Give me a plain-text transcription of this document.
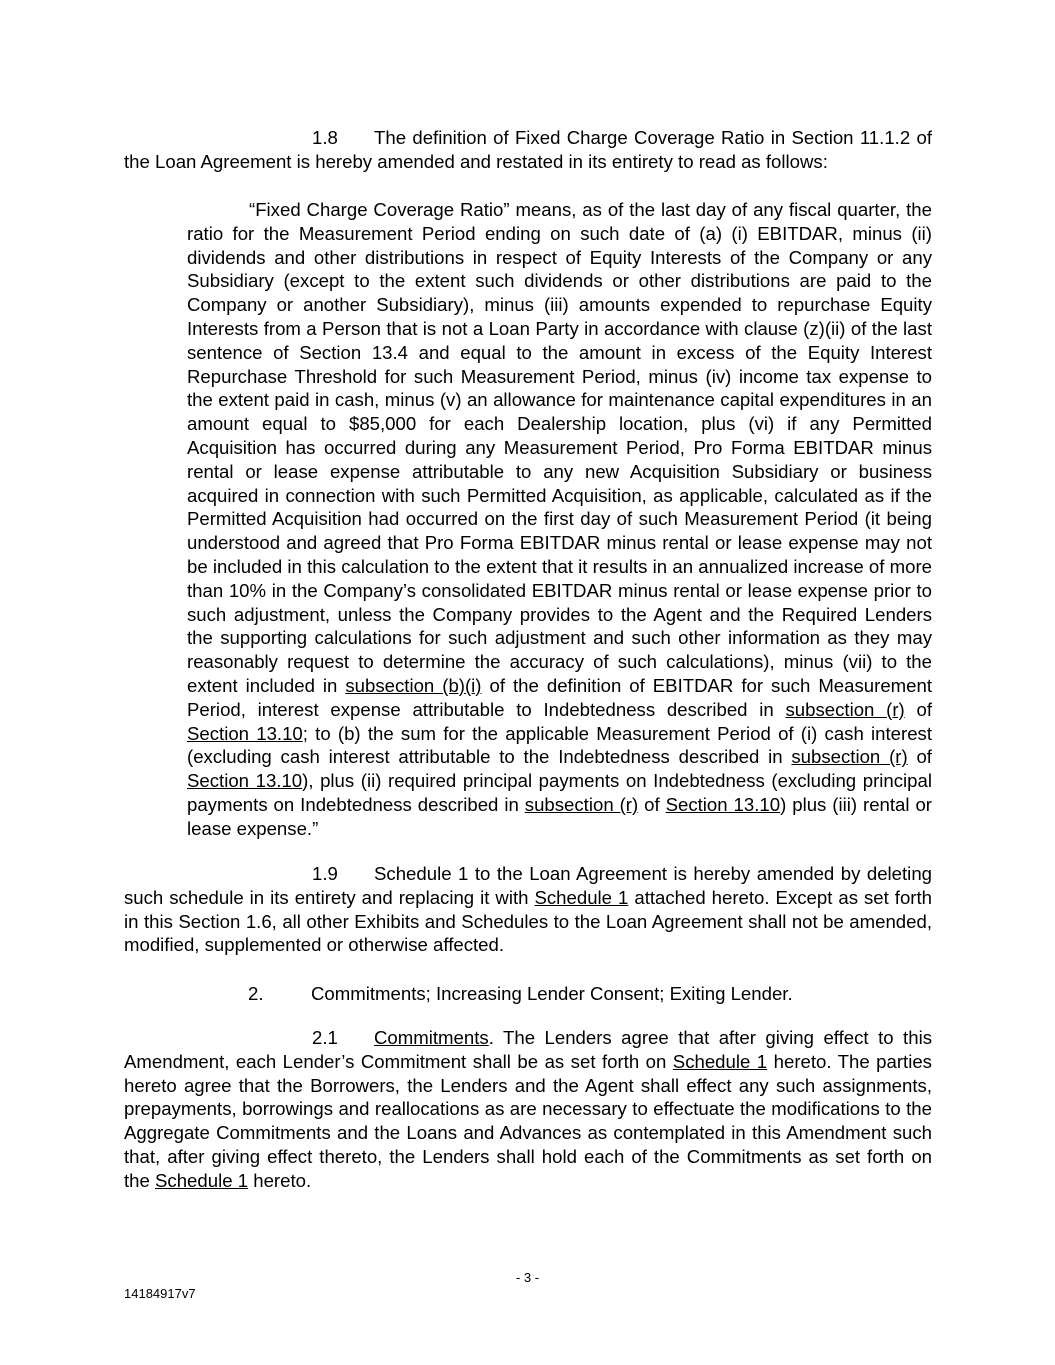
1.8 The definition of Fixed Charge Coverage Ratio in Section 11.1.2 of the Loan Agreement is hereby amended and restated in its entirety to read as follows:

“Fixed Charge Coverage Ratio” means, as of the last day of any fiscal quarter, the ratio for the Measurement Period ending on such date of (a) (i) EBITDAR, minus (ii) dividends and other distributions in respect of Equity Interests of the Company or any Subsidiary (except to the extent such dividends or other distributions are paid to the Company or another Subsidiary), minus (iii) amounts expended to repurchase Equity Interests from a Person that is not a Loan Party in accordance with clause (z)(ii) of the last sentence of Section 13.4 and equal to the amount in excess of the Equity Interest Repurchase Threshold for such Measurement Period, minus (iv) income tax expense to the extent paid in cash, minus (v) an allowance for maintenance capital expenditures in an amount equal to $85,000 for each Dealership location, plus (vi) if any Permitted Acquisition has occurred during any Measurement Period, Pro Forma EBITDAR minus rental or lease expense attributable to any new Acquisition Subsidiary or business acquired in connection with such Permitted Acquisition, as applicable, calculated as if the Permitted Acquisition had occurred on the first day of such Measurement Period (it being understood and agreed that Pro Forma EBITDAR minus rental or lease expense may not be included in this calculation to the extent that it results in an annualized increase of more than 10% in the Company’s consolidated EBITDAR minus rental or lease expense prior to such adjustment, unless the Company provides to the Agent and the Required Lenders the supporting calculations for such adjustment and such other information as they may reasonably request to determine the accuracy of such calculations), minus (vii) to the extent included in subsection (b)(i) of the definition of EBITDAR for such Measurement Period, interest expense attributable to Indebtedness described in subsection (r) of Section 13.10; to (b) the sum for the applicable Measurement Period of (i) cash interest (excluding cash interest attributable to the Indebtedness described in subsection (r) of Section 13.10), plus (ii) required principal payments on Indebtedness (excluding principal payments on Indebtedness described in subsection (r) of Section 13.10) plus (iii) rental or lease expense.”

1.9 Schedule 1 to the Loan Agreement is hereby amended by deleting such schedule in its entirety and replacing it with Schedule 1 attached hereto. Except as set forth in this Section 1.6, all other Exhibits and Schedules to the Loan Agreement shall not be amended, modified, supplemented or otherwise affected.

2.	Commitments; Increasing Lender Consent; Exiting Lender.

2.1 Commitments. The Lenders agree that after giving effect to this Amendment, each Lender’s Commitment shall be as set forth on Schedule 1 hereto. The parties hereto agree that the Borrowers, the Lenders and the Agent shall effect any such assignments, prepayments, borrowings and reallocations as are necessary to effectuate the modifications to the Aggregate Commitments and the Loans and Advances as contemplated in this Amendment such that, after giving effect thereto, the Lenders shall hold each of the Commitments as set forth on the Schedule 1 hereto.

- 3 -
14184917v7
